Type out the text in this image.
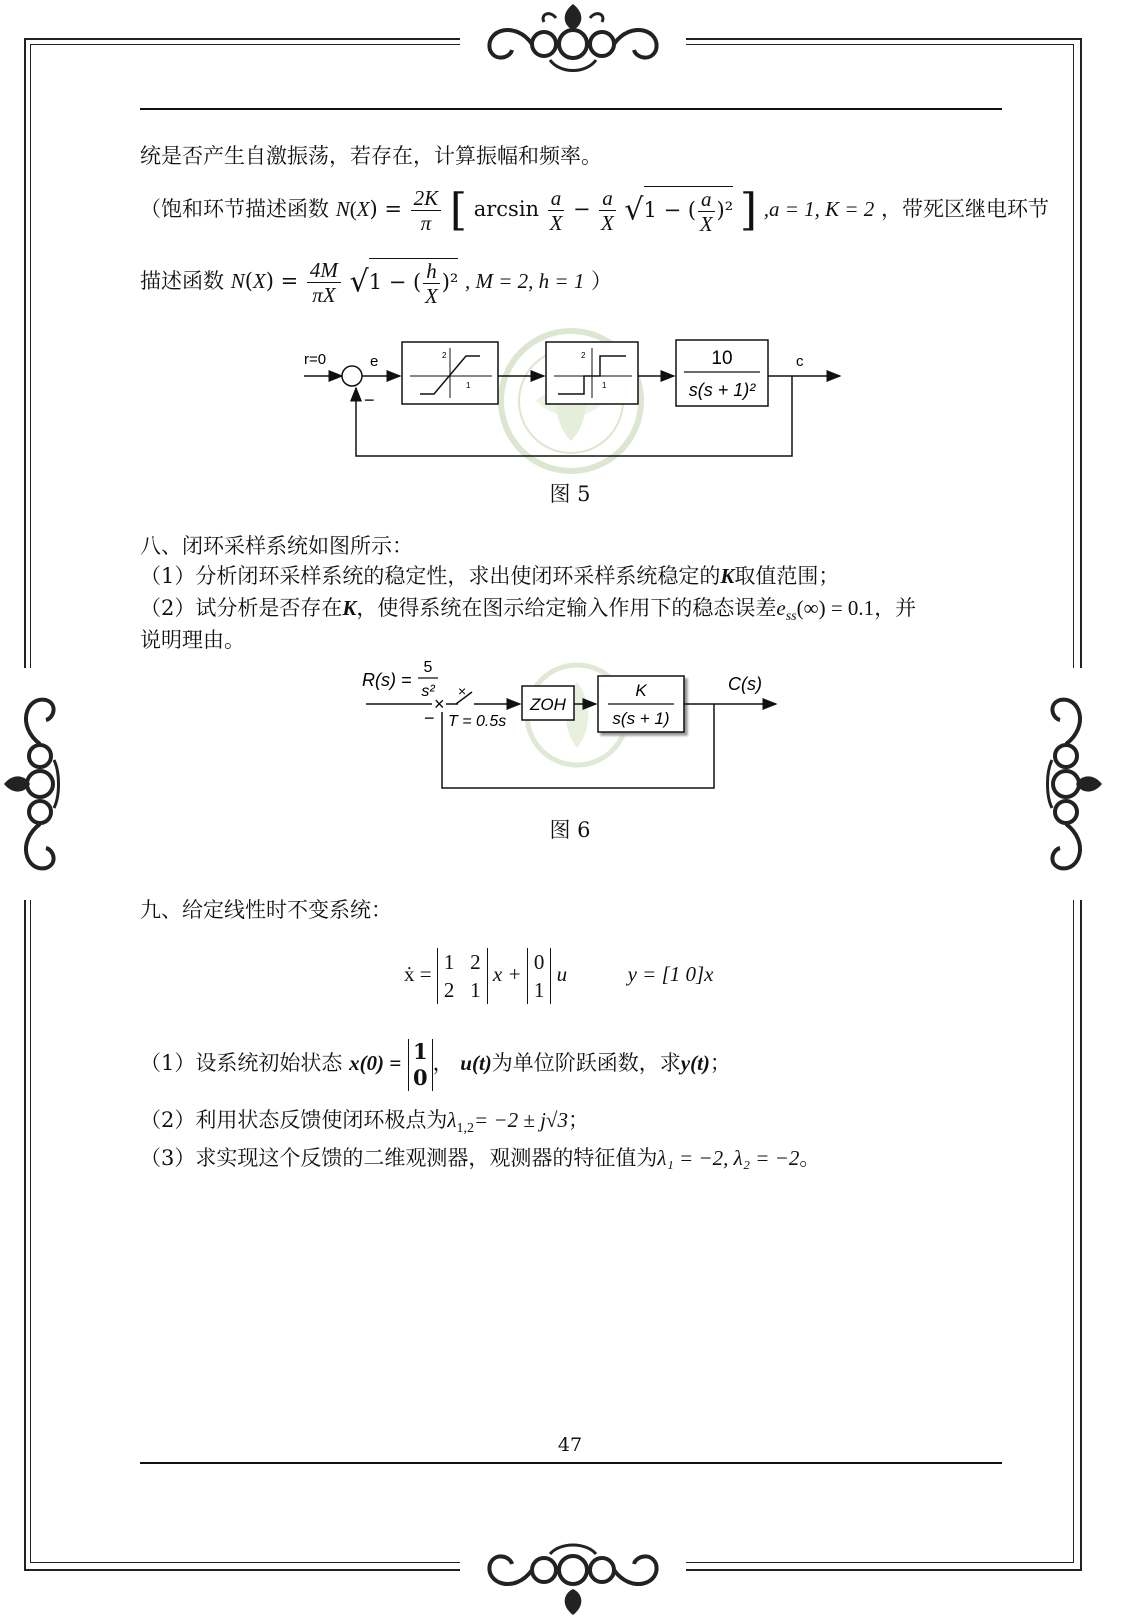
统是否产生自激振荡，若存在，计算振幅和频率。
（饱和环节描述函数 $N(X) = \frac{2K}{\pi}$ [ $\arcsin \frac{a}{X} - \frac{a}{X} √1$ − ( $\frac{a}{X} )^2$ ] ,a = 1, K = 2 ，带死区继电环节
描述函数 $N(X) = \frac{4M}{\pi X} √1$ − ( $\frac{h}{X} )^2$ , M = 2, h = 1 ）
r=0
−
e	2
1
2
1
10
s(s + 1)²
c
图 5
八、闭环采样系统如图所示：
（1）分析闭环采样系统的稳定性，求出使闭环采样系统稳定的K取值范围；
（2）试分析是否存在K，使得系统在图示给定输入作用下的稳态误差$e_{ss}(\infty) = 0.1$，并
说明理由。
R(s) =
5
s²
×
−
×
T = 0.5s
ZOH
K
s(s + 1)
C(s)
图 6
九、给定线性时不变系统：
ẋ = 1 2
2 1 x + 0
1 u	y = [1 0]x
（1）设系统初始状态 x(0) = 1
0， u(t)为单位阶跃函数，求y(t)；
（2）利用状态反馈使闭环极点为$\lambda_{1,2}= -2 \pm j√3$；
（3）求实现这个反馈的二维观测器，观测器的特征值为λ₁ = −2, λ₂ = −2。
47
